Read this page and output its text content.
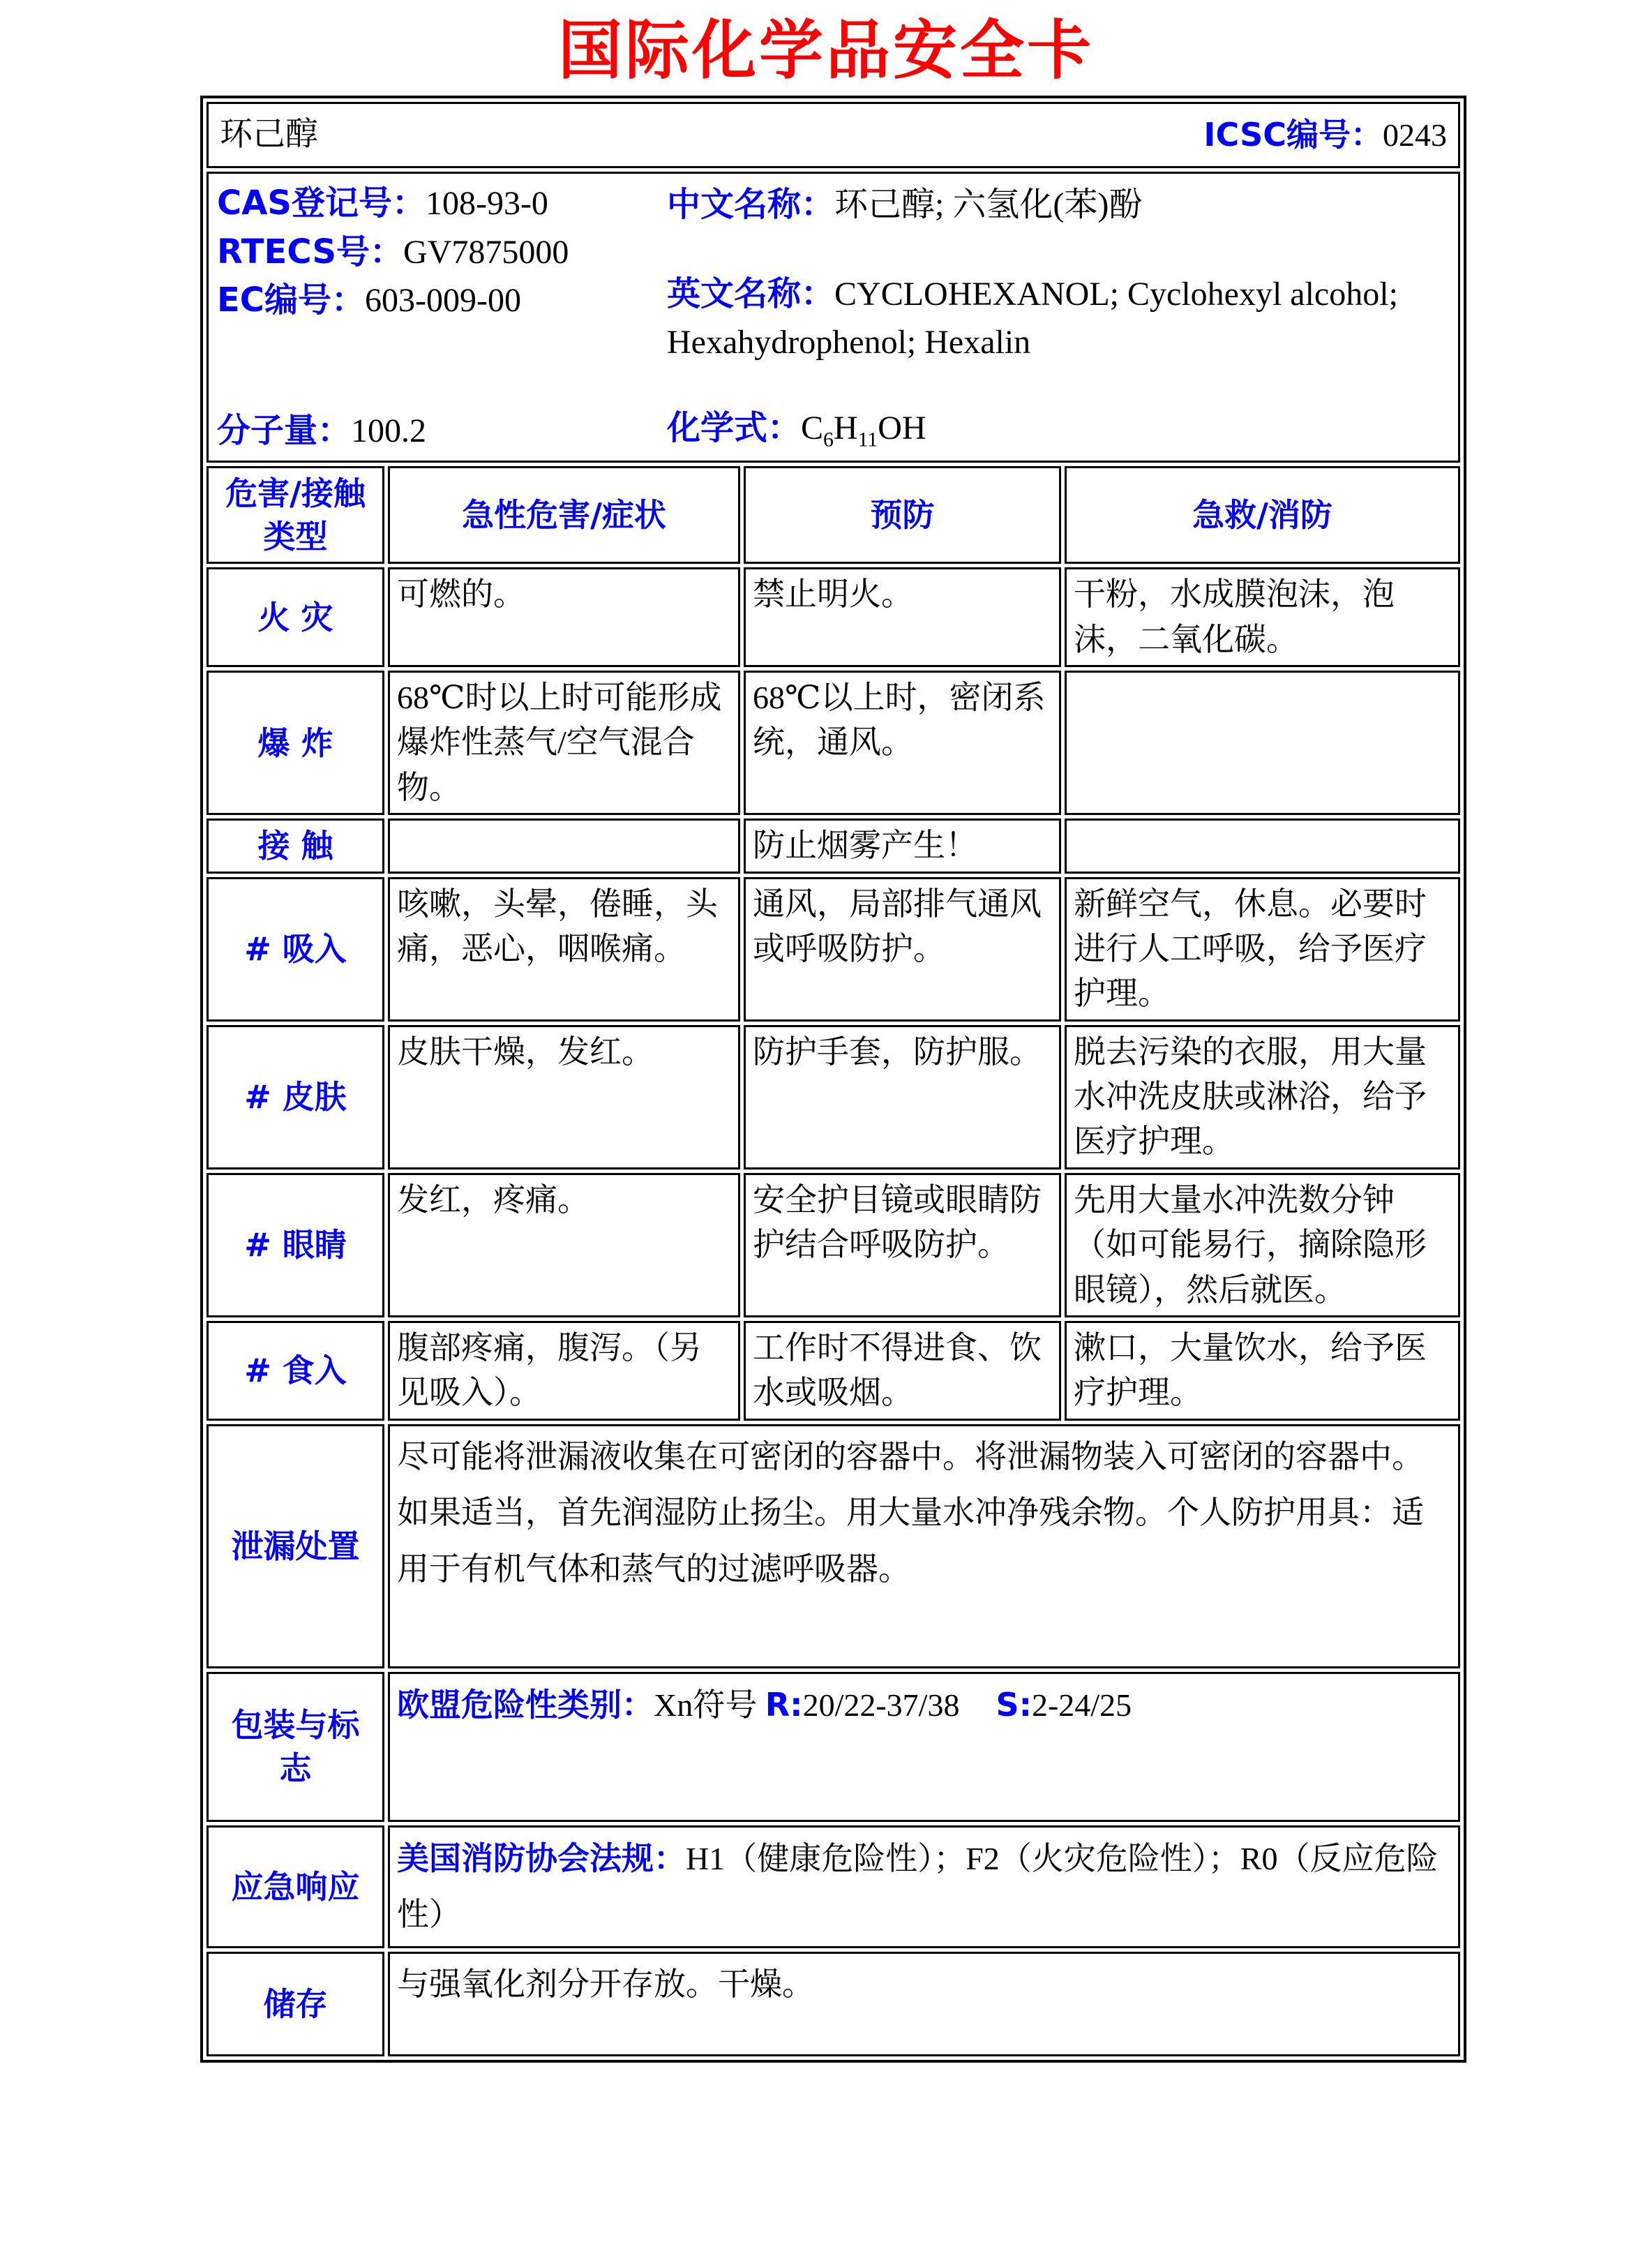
国际化学品安全卡
环己醇 ICSC编号：0243			

CAS登记号：108-93-0
RTECS号：GV7875000
EC编号：603-009-00
分子量：100.2
中文名称：环己醇; 六氢化(苯)酚
英文名称：CYCLOHEXANOL; Cyclohexyl alcohol; Hexahydrophenol; Hexalin
化学式：$C_6H_{11}OH$

危害/接触
类型	急性危害/症状	预防	急救/消防
火 灾	可燃的。	禁止明火。	干粉，水成膜泡沫，泡沫，二氧化碳。
爆 炸	68℃时以上时可能形成爆炸性蒸气/空气混合物。	68℃以上时，密闭系统，通风。	
接 触		防止烟雾产生！	
# 吸入	咳嗽，头晕，倦睡，头痛，恶心，咽喉痛。	通风，局部排气通风或呼吸防护。	新鲜空气，休息。必要时进行人工呼吸，给予医疗护理。
# 皮肤	皮肤干燥，发红。	防护手套，防护服。	脱去污染的衣服，用大量水冲洗皮肤或淋浴，给予医疗护理。
# 眼睛	发红，疼痛。	安全护目镜或眼睛防护结合呼吸防护。	先用大量水冲洗数分钟（如可能易行，摘除隐形眼镜），然后就医。
# 食入	腹部疼痛，腹泻。（另见吸入）。	工作时不得进食、饮水或吸烟。	漱口，大量饮水，给予医疗护理。
泄漏处置	尽可能将泄漏液收集在可密闭的容器中。将泄漏物装入可密闭的容器中。如果适当，首先润湿防止扬尘。用大量水冲净残余物。个人防护用具：适用于有机气体和蒸气的过滤呼吸器。		
包装与标志	欧盟危险性类别：Xn符号 R:20/22-37/38 S:2-24/25		
应急响应	美国消防协会法规：H1（健康危险性）；F2（火灾危险性）；R0（反应危险性）		
储存	与强氧化剂分开存放。干燥。		
